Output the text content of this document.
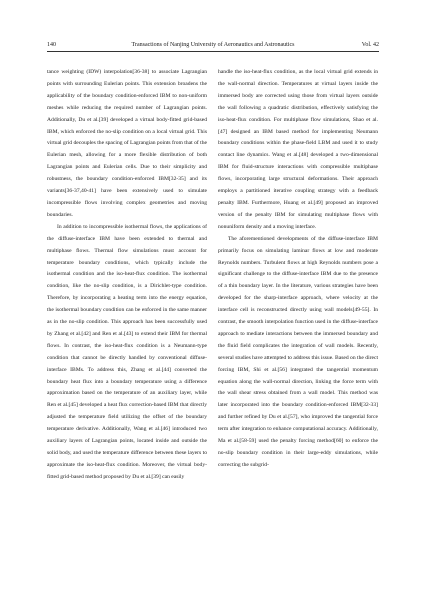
140	Transactions of Nanjing University of Aeronautics and Astronautics	Vol. 42

tance weighting (IDW) interpolation[36-38] to associate Lagrangian points with surrounding Eulerian points. This extension broadens the applicability of the boundary condition-enforced IBM to non-uniform meshes while reducing the required number of Lagrangian points. Additionally, Du et al.[39] developed a virtual body-fitted grid-based IBM, which enforced the no-slip condition on a local virtual grid. This virtual grid decouples the spacing of Lagrangian points from that of the Eulerian mesh, allowing for a more flexible distribution of both Lagrangian points and Eulerian cells. Due to their simplicity and robustness, the boundary condition-enforced IBM[32-35] and its variants[36-37,40-41] have been extensively used to simulate incompressible flows involving complex geometries and moving boundaries.

In addition to incompressible isothermal flows, the applications of the diffuse-interface IBM have been extended to thermal and multiphase flows. Thermal flow simulations must account for temperature boundary conditions, which typically include the isothermal condition and the iso-heat-flux condition. The isothermal condition, like the no-slip condition, is a Dirichlet-type condition. Therefore, by incorporating a heating term into the energy equation, the isothermal boundary condition can be enforced in the same manner as in the no-slip condition. This approach has been successfully used by Zhang et al.[42] and Ren et al.[43] to extend their IBM for thermal flows. In contrast, the iso-heat-flux condition is a Neumann-type condition that cannot be directly handled by conventional diffuse-interface IBMs. To address this, Zhang et al.[44] converted the boundary heat flux into a boundary temperature using a difference approximation based on the temperature of an auxiliary layer, while Ren et al.[45] developed a heat flux correction-based IBM that directly adjusted the temperature field utilizing the offset of the boundary temperature derivative. Additionally, Wang et al.[46] introduced two auxiliary layers of Lagrangian points, located inside and outside the solid body, and used the temperature difference between these layers to approximate the iso-heat-flux condition. Moreover, the virtual body-fitted grid-based method proposed by Du et al.[39] can easily

handle the iso-heat-flux condition, as the local virtual grid extends in the wall-normal direction. Temperatures at virtual layers inside the immersed body are corrected using those from virtual layers outside the wall following a quadratic distribution, effectively satisfying the iso-heat-flux condition. For multiphase flow simulations, Shao et al.[47] designed an IBM based method for implementing Neumann boundary conditions within the phase-field LBM and used it to study contact line dynamics. Wang et al.[48] developed a two-dimensional IBM for fluid-structure interactions with compressible multiphase flows, incorporating large structural deformations. Their approach employs a partitioned iterative coupling strategy with a feedback penalty IBM. Furthermore, Huang et al.[49] proposed an improved version of the penalty IBM for simulating multiphase flows with nonuniform density and a moving interface.

The aforementioned developments of the diffuse-interface IBM primarily focus on simulating laminar flows at low and moderate Reynolds numbers. Turbulent flows at high Reynolds numbers pose a significant challenge to the diffuse-interface IBM due to the presence of a thin boundary layer. In the literature, various strategies have been developed for the sharp-interface approach, where velocity at the interface cell is reconstructed directly using wall models[49-55]. In contrast, the smooth interpolation function used in the diffuse-interface approach to mediate interactions between the immersed boundary and the fluid field complicates the integration of wall models. Recently, several studies have attempted to address this issue. Based on the direct forcing IBM, Shi et al.[56] integrated the tangential momentum equation along the wall-normal direction, linking the force term with the wall shear stress obtained from a wall model. This method was later incorporated into the boundary condition-enforced IBM[32-33] and further refined by Du et al.[57], who improved the tangential force term after integration to enhance computational accuracy. Additionally, Ma et al.[58-59] used the penalty forcing method[60] to enforce the no-slip boundary condition in their large-eddy simulations, while correcting the subgrid-
